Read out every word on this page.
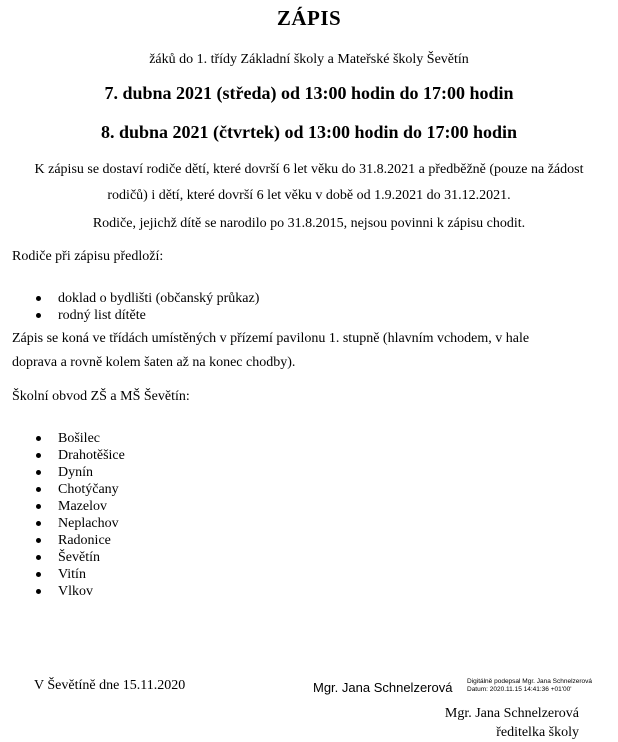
ZÁPIS
žáků do 1. třídy Základní školy a Mateřské školy Ševětín
7. dubna 2021 (středa) od 13:00 hodin do 17:00 hodin
8. dubna 2021 (čtvrtek) od 13:00 hodin do 17:00 hodin
K zápisu se dostaví rodiče dětí, které dovrší 6 let věku do 31.8.2021 a předběžně (pouze na žádost rodičů) i dětí, které dovrší 6 let věku v době od 1.9.2021 do 31.12.2021.
Rodiče, jejichž dítě se narodilo po 31.8.2015, nejsou povinni k zápisu chodit.
Rodiče při zápisu předloží:
doklad o bydlišti (občanský průkaz)
rodný list dítěte
Zápis se koná ve třídách umístěných v přízemí pavilonu 1. stupně (hlavním vchodem, v hale
doprava a rovně kolem šaten až na konec chodby).
Školní obvod ZŠ a MŠ Ševětín:
Bošilec
Drahotěšice
Dynín
Chotýčany
Mazelov
Neplachov
Radonice
Ševětín
Vitín
Vlkov
V Ševětíně dne 15.11.2020	Mgr. Jana Schnelzerová Digitálně podepsal Mgr. Jana Schnelzerová
Datum: 2020.11.15 14:41:36 +01'00'
Mgr. Jana Schnelzerová
ředitelka školy
